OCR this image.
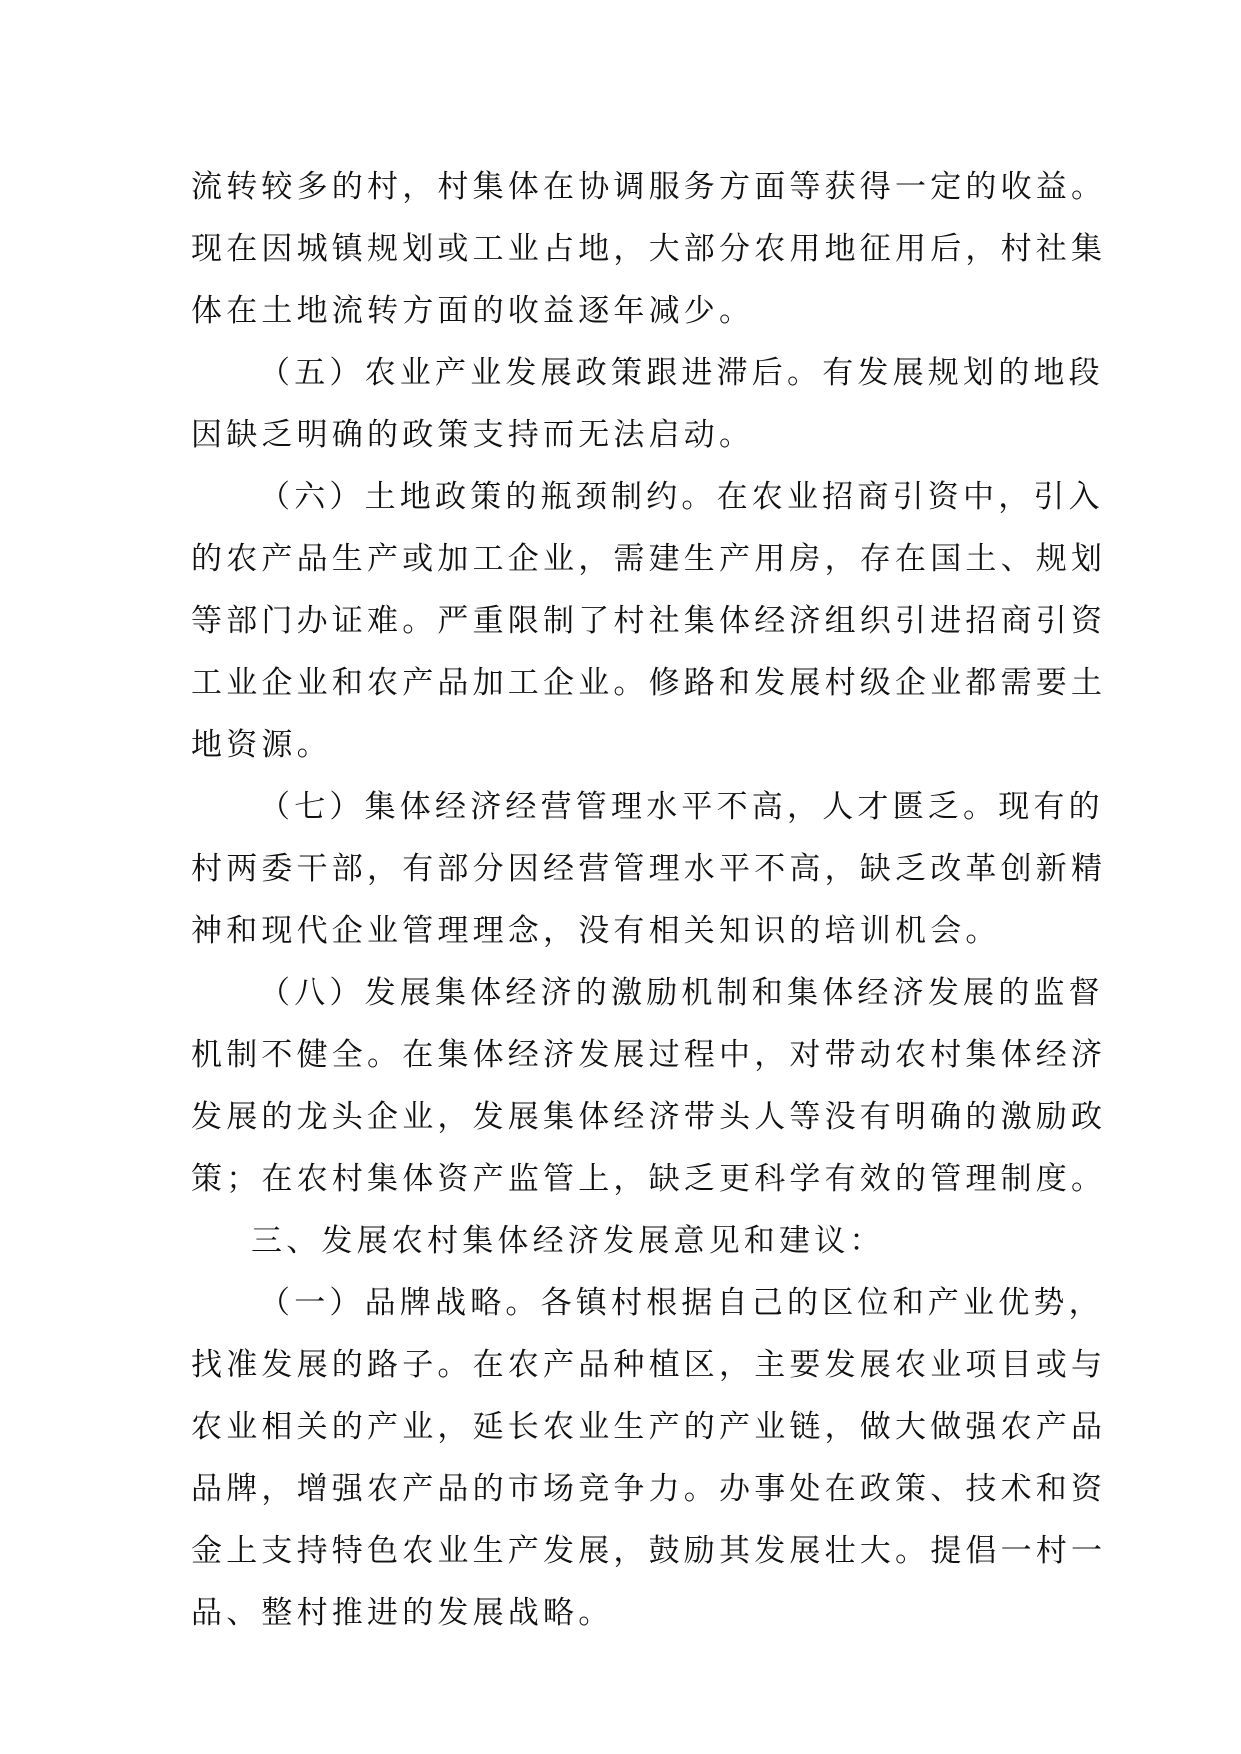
流转较多的村，村集体在协调服务方面等获得一定的收益。
现在因城镇规划或工业占地，大部分农用地征用后，村社集
体在土地流转方面的收益逐年减少。
（五）农业产业发展政策跟进滞后。有发展规划的地段
因缺乏明确的政策支持而无法启动。
（六）土地政策的瓶颈制约。在农业招商引资中，引入
的农产品生产或加工企业，需建生产用房，存在国土、规划
等部门办证难。严重限制了村社集体经济组织引进招商引资
工业企业和农产品加工企业。修路和发展村级企业都需要土
地资源。
（七）集体经济经营管理水平不高，人才匮乏。现有的
村两委干部，有部分因经营管理水平不高，缺乏改革创新精
神和现代企业管理理念，没有相关知识的培训机会。
（八）发展集体经济的激励机制和集体经济发展的监督
机制不健全。在集体经济发展过程中，对带动农村集体经济
发展的龙头企业，发展集体经济带头人等没有明确的激励政
策；在农村集体资产监管上，缺乏更科学有效的管理制度。
三、发展农村集体经济发展意见和建议：
（一）品牌战略。各镇村根据自己的区位和产业优势，
找准发展的路子。在农产品种植区，主要发展农业项目或与
农业相关的产业，延长农业生产的产业链，做大做强农产品
品牌，增强农产品的市场竞争力。办事处在政策、技术和资
金上支持特色农业生产发展，鼓励其发展壮大。提倡一村一
品、整村推进的发展战略。
